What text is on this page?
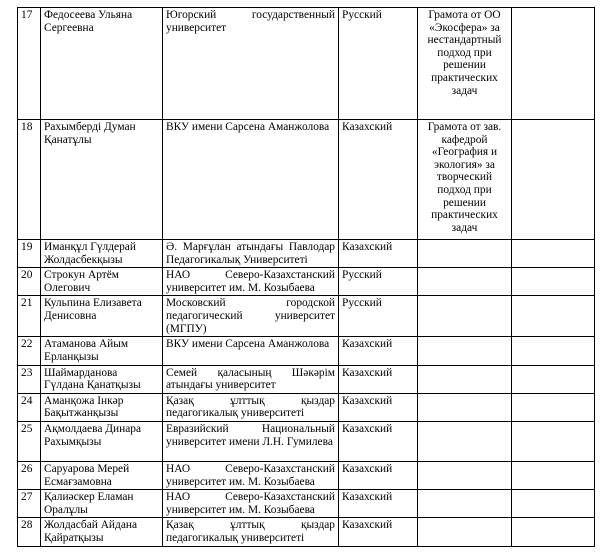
17	Федосеева Ульяна Сергеевна	Югорский государственный университет	Русский	Грамота от ОО «Экосфера» за нестандартный подход при решении практических задач	
18	Рахымберді Думан Қанатұлы	ВКУ имени Сарсена Аманжолова	Казахский	Грамота от зав. кафедрой «География и экология» за творческий подход при решении практических задач	
19	Иманқұл Гүлдерай Жолдасбекқызы	Ә. Марғұлан атындағы Павлодар Педагогикалық Университеті	Казахский		
20	Строкун Артём Олегович	НАО Северо-Казахстанский университет им. М. Козыбаева	Русский		
21	Кульпина Елизавета Денисовна	Московский городской педагогический университет (МГПУ)	Русский		
22	Атаманова Айым Ерланқызы	ВКУ имени Сарсена Аманжолова	Казахский		
23	Шаймарданова Гүлдана Қанатқызы	Семей қаласының Шәкәрім атындағы университет	Казахский		
24	Аманқожа Інкәр Бақытжанқызы	Қазақ ұлттық қыздар педагогикалық университеті	Казахский		
25	Ақмолдаева Динара Рахымқызы	Евразийский Национальный университет имени Л.Н. Гумилева	Казахский		
26	Саруарова Мерей Есмағзамовна	НАО Северо-Казахстанский университет им. М. Козыбаева	Казахский		
27	Қалиәскер Еламан Оралұлы	НАО Северо-Казахстанский университет им. М. Козыбаева	Казахский		
28	Жолдасбай Айдана Қайратқызы	Қазақ ұлттық қыздар педагогикалық университеті	Казахский		
